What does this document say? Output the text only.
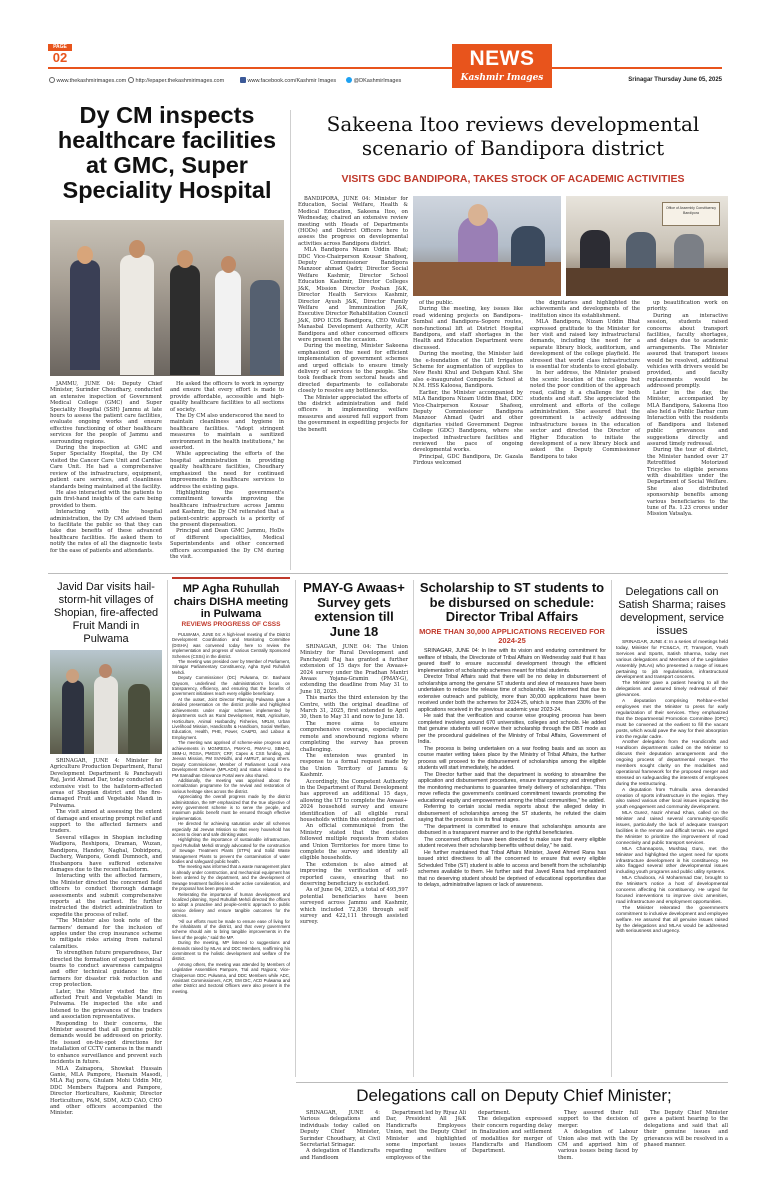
PAGE
02
www.thekashmirimages.com	http://epaper.thekashmirimages.com	www.facebook.com/Kashmir Images	@DKashmirImages
NEWS
Kashmir Images	Srinagar Thursday June 05, 2025
Dy CM inspects healthcare facilities at GMC, Super Speciality Hospital

JAMMU, JUNE 04: Deputy Chief Minister, Surinder Choudhary, conducted an extensive inspection of Government Medical College (GMC) and Super Speciality Hospital (SSH) Jammu at late hours to assess the patient care facilities, evaluate ongoing works and ensure effective functioning of other healthcare services for the people of Jammu and surrounding regions.

During the inspection at GMC and Super Speciality Hospital, the Dy CM visited the Cancer Care Unit and Cardiac Care Unit. He had a comprehensive review of the infrastructure, equipment, patient care services, and cleanliness standards being maintained at the facility.

He also interacted with the patients to gain first-hand insights of the care being provided to them.

Interacting with the hospital administration, the Dy CM advised them to facilitate the public so that they can take due benefits of these advanced healthcare facilities. He asked them to notify the rates of all the diagnostic tests for the ease of patients and attendants.

He asked the officers to work in synergy and ensure that every effort is made to provide affordable, accessible and high-quality healthcare facilities to all sections of society.

The Dy CM also underscored the need to maintain cleanliness and hygiene in healthcare facilities. "Adopt stringent measures to maintain a sanitized environment in the health institutions," he asserted.

While appreciating the efforts of the hospital administration in providing quality healthcare facilities, Choudhary emphasized the need for continued improvements in healthcare services to address the existing gaps.

Highlighting the government's commitment towards improving the healthcare infrastructure across Jammu and Kashmir, the Dy CM reiterated that a patient-centric approach is a priority of the present dispensation.

Principal and Dean GMC Jammu, HoDs of different specialities, Medical Superintendents and other concerned officers accompanied the Dy CM during the visit.

Sakeena Itoo reviews developmental scenario of Bandipora district
VISITS GDC BANDIPORA, TAKES STOCK OF ACADEMIC ACTIVITIES

BANDIPORA, JUNE 04: Minister for Education, Social Welfare, Health & Medical Education, Sakeena Itoo, on Wednesday, chaired an extensive review meeting with Heads of Departments (HODs) and District Officers here to assess the progress on developmental activities across Bandipora district.

MLA Bandipora Nizam Uddin Bhat; DDC Vice-Chairperson Kousar Shafeeq, Deputy Commissioner Bandipora Manzoor ahmad Qadri; Director Social Welfare Kashmir, Director School Education Kashmir, Director Colleges J&K, Mission Director Poshan J&K, Director Health Services Kashmir, Director Ayush J&K, Director Family Welfare and Immunization J&K, Executive Director Rehabilitation Council J&K, DPO ICDS Bandipora, CEO Wullar Manasbal Development Authority, ACR Bandipora and other concerned officers were present on the occasion.

During the meeting, Minister Sakeena emphasized on the need for efficient implementation of government schemes and urged officials to ensure timely delivery of services to the people. She took feedback from sectoral heads and directed departments to collaborate closely to resolve any bottlenecks.

The Minister appreciated the efforts of the district administration and field officers in implementing welfare measures and assured full support from the government in expediting projects for the benefit

Office of Assembly Constituency Bandipora

of the public.

During the meeting, key issues like road widening projects on Bandipora–Sumbal and Bandipora–Sopore routes, non-functional lift at District Hospital Bandipora, and staff shortages in the Health and Education Department were discussed.

During the meeting, the Minister laid the e-foundation of the Lift Irrigation Scheme for augmentation of supplies to New Reshi Khul and Dehgam Khul. She also e-inaugurated Composite School at N.M. HSS Kaloosa, Bandipora.

Earlier, the Minister accompanied by MLA Bandipora Nizam Uddin Bhat, DDC Vice-Chairperson Kousar Shafeeq, Deputy Commissioner Bandipora Manzoor Ahmad Qadri and other dignitaries visited Government Degree College (GDC) Bandipora, where she inspected infrastructure facilities and reviewed the pace of ongoing developmental works.

Principal, GDC Bandipora, Dr. Gazala Firdous welcomed

the dignitaries and highlighted the achievements and developments of the institution since its establishment.

MLA Bandipora, Nizam Uddin Bhat expressed gratitude to the Minister for her visit and raised key infrastructural demands, including the need for a separate library block, auditorium, and development of the college playfield. He stressed that world class infrastructure is essential for students to excel globally.

In her address, the Minister praised the scenic location of the college but noted the poor condition of the approach road, calling it a challenge for both students and staff. She appreciated the enrolment and efforts of the college administration. She assured that the government is actively addressing infrastructure issues in the education sector and directed the Director of Higher Education to initiate the development of a new library block and asked the Deputy Commissioner Bandipora to take

up beautification work on priority.

During an interactive session, students raised concerns about transport facilities, faculty shortages, and delays due to academic arrangements. The Minister assured that transport issues would be resolved, additional vehicles with drivers would be provided, and faculty replacements would be addressed promptly.

Later in the day, the Minister, accompanied by MLA Bandipora, Sakeena Itoo also held a Public Darbar cum Interaction with the residents of Bandipora and listened public grievances and suggestions directly and assured timely redressal.

During the tour of district, the Minister handed over 27 Retrofitted Motorized Tricycles to eligible persons with disabilities under the Department of Social Welfare. She also distributed sponsorship benefits among various beneficiaries to the tune of Rs. 1.23 crores under Mission Vatsalya.

Javid Dar visits hail-storm-hit villages of Shopian, fire-affected Fruit Mandi in Pulwama

SRINAGAR, JUNE 4: Minister for Agriculture Production Department, Rural Development Department & Panchayati Raj, Javid Ahmad Dar, today conducted an extensive visit to the hailstorm-affected areas of Shopian district and the fire-damaged Fruit and Vegetable Mandi in Pulwama.

The visit aimed at assessing the extent of damage and ensuring prompt relief and support to the affected farmers and traders.

Several villages in Shopian including Wadipora, Reshipora, Draman, Wuzan, Bandipora, Handev, Naghal, Dobidpora, Dachery, Wanpora, Gondi Dumnoch, and Husbanpora have suffered extensive damages due to the recent hailstorm.

Interacting with the affected farmers, the Minister directed the concerned field officers to conduct thorough damage assessments and submit comprehensive reports at the earliest. He further instructed the district administration to expedite the process of relief.

"The Minister also took note of the farmers' demand for the inclusion of apples under the crop insurance scheme to mitigate risks arising from natural calamities.

To strengthen future preparedness, Dar directed the formation of expert technical teams to conduct awareness campaigns and offer technical guidance to the farmers for disaster risk reduction and crop protection.

Later, the Minister visited the fire affected Fruit and Vegetable Mandi in Pulwama. He inspected the site and listened to the grievances of the traders and association representatives.

Responding to their concerns, the Minister assured that all genuine public demands would be addressed on priority. He issued on-the-spot directions for installation of CCTV cameras in the mandi to enhance surveillance and prevent such incidents in future.

MLA Zainapora, Showkat Hussain Ganie, MLA Pampore, Hasnain Masodi, MLA Raj pora, Ghulam Mohi Uddin Mir, DDC Members Rajpora and Pampore, Director Horticulture, Kashmir, Director Horticulture, P&M, SDM, ACD CAO, CHO and other officers accompanied the Minister.

MP Agha Ruhullah chairs DISHA meeting in Pulwama
REVIEWS PROGRESS OF CSSS

PULWAMA, JUNE 04: A high-level meeting of the District Development Coordination and Monitoring Committee (DISHA) was convened today here to review the implementation and progress of various Centrally Sponsored Schemes (CSSs) in the district.

The meeting was presided over by Member of Parliament, Srinagar Parliamentary Constituency, Agha Syed Ruhullah Mehdi.

Deputy Commissioner (DC) Pulwama, Dr. Basharat Qayoom, underlined the administration's focus on transparency, efficiency, and ensuring that the benefits of government initiatives reach every eligible beneficiary.

At the outset, Joint Director Planning Pulwama gave a detailed presentation on the district profile and highlighted achievements under major schemes implemented by departments such as Rural Development, R&B, Agriculture, Horticulture, Animal Husbandry, Fisheries, NRLM, Urban Livelihood Mission, Handicrafts & Handloom, Social Welfare, Education, Health, PHE, Power, CA&PD, and Labour & Employment.

The meeting was apprised of scheme-wise progress and achievements in MGNREGA, PMAY-G, PMAY-U, SBM-G, SBM-U, RGSA, PMGSY, CRF, Capex & CSS funding, Jal Jeevan Mission, PM SVANidhi, and AMRUT, among others. Deputy Commissioner, Member of Parliament Local Area Development Scheme (MPLADS) and status related to the PM Samadhan Grievance Portal were also shared.

Additionally, the meeting was apprised about the normalization programme for the revival and restoration of various heritage sites across the district.

Appreciating the overall progress made by the district administration, the MP emphasized that the true objective of every government scheme is to serve the people, and maximum public benefit must be ensured through effective implementation.

He directed for achieving saturation under all schemes especially Jal Jeevan Mission so that every household has access to clean and safe drinking water.

Highlighting the importance of sustainable infrastructure, Syed Ruhullah Mehdi strongly advocated for the construction of Sewage Treatment Plants (STPs) and Solid Waste Management Plants to prevent the contamination of water bodies and safeguard public health.

The meeting was informed that a waste management plant is already under construction, and mechanical equipment has been ordered by the department, and the development of Sewage treatment facilities is under active consideration, and the proposal has been prepared.

Reiterating the importance of human development and localized planning, Syed Ruhullah Mehdi directed the officers to adopt a proactive and people-centric approach to public service delivery and ensure tangible outcomes for the citizens.

"All our efforts must be made to ensure ease of living for the inhabitants of the district, and that every government scheme should aim to bring tangible improvements in the lives of the people," said the MP.

During the meeting, MP listened to suggestions and demands raised by MLAs and DDC Members, reaffirming his commitment to the holistic development and welfare of the district.

Among others, the meeting was attended by Members of Legislative Assemblies Pampore, Tral and Rajpora; Vice-Chairperson DDC Pulwama, and DDC Members while ADC, Assistant Commissioners, ACR, GM DIC, ACD Pulwama and other District and Sectoral Officers were also present in the meeting.

PMAY-G Awaas+ Survey gets extension till June 18

SRINAGAR, JUNE 04: The Union Ministry for Rural Development and Panchayati Raj has granted a further extension of 15 days for the Awaas+ 2024 survey under the Pradhan Mantri Awaas Yojana-Gramin (PMAY-G), extending the deadline from May 31 to June 18, 2025.

This marks the third extension by the Centre, with the original deadline of March 31, 2025, first extended to April 30, then to May 31 and now to June 18.

The move aims to ensure comprehensive coverage, especially in remote and snowbound regions where completing the survey has proven challenging.

The extension was granted in response to a formal request made by the Union Territory of Jammu & Kashmir.

Accordingly, the Competent Authority in the Department of Rural Development has approved an additional 15 days, allowing the UT to complete the Awaas+ 2024 household survey and ensure identification of all eligible rural households within this extended period.

An official communiqué from the Ministry stated that the decision followed multiple requests from states and Union Territories for more time to complete the survey and identify all eligible households.

The extension is also aimed at improving the verification of self-reported cases, ensuring that no deserving beneficiary is excluded.

As of June 04, 2025, a total of 495,597 potential beneficiaries have been surveyed across Jammu and Kashmir, which included 72,836 through self survey and 422,111 through assisted survey.

Scholarship to ST students to be disbursed on schedule: Director Tribal Affairs
MORE THAN 30,000 APPLICATIONS RECEIVED FOR 2024-25

SRINAGAR, JUNE 04: In line with its vision and enduring commitment for welfare of tribals, the Directorate of Tribal Affairs on Wednesday said that it has geared itself to ensure successful development through the efficient implementation of scholarship schemes meant for tribal students.

Director Tribal Affairs said that there will be no delay in disbursement of scholarships among the genuine ST students and slew of measures have been undertaken to reduce the release time of scholarship. He informed that due to extensive outreach and publicity, more than 30,000 applications have been received under both the schemes for 2024-25, which is more than 230% of the applications received in the previous academic year 2023-24.

He said that the verification and course wise grouping process has been completed involving around 670 universities, colleges and schools. He added that genuine students will receive their scholarship through the DBT mode as per the procedural guidelines of the Ministry of Tribal Affairs, Government of India.

The process is being undertaken on a war footing basis and as soon as course master vetting takes place by the Ministry of Tribal Affairs, the further process will proceed to the disbursement of scholarships among the eligible students will start immediately, he added.

The Director further said that the department is working to streamline the application and disbursement procedures, ensure transparency and strengthen the monitoring mechanisms to guarantee timely delivery of scholarships. "This move reflects the government's continued commitment towards promoting the educational equity and empowerment among the tribal communities," he added.

Referring to certain social media reports about the alleged delay in disbursement of scholarships among the ST students, he refuted the claim saying that the process is in its final stages.

"The department is committed to ensure that scholarships amounts are disbursed in a transparent manner and to the rightful beneficiaries.

The concerned officers have been directed to make sure that every eligible student receives their scholarship benefits without delay," he said.

He further maintained that Tribal Affairs Minister, Javed Ahmed Rana has issued strict directives to all the concerned to ensure that every eligible Scheduled Tribe (ST) student is able to access and benefit from the scholarship schemes available to them. He further said that Javed Rana had emphasized that no deserving student should be deprived of educational opportunities due to delays, administrative lapses or lack of awareness.

Delegations call on Satish Sharma; raises development, service issues

SRINAGAR, JUNE 4: In a series of meetings held today, Minister for FCS&CA, IT, Transport, Youth Services and Sports, Satish Sharma, today met various delegations and Members of the Legislative Assembly (MLAs) who presented a range of issues pertaining to job regularisation, infrastructural development and transport concerns.

The Minister gave a patient hearing to all the delegations and assured timely redressal of their grievances.

A deputation comprising Rehbar-e-Khel employees met the Minister to press for early regularization of their services. They emphasized that the Departmental Promotion Committee (DPC) must be convened at the earliest to fill the vacant posts, which would pave the way for their absorption into the regular cadre.

Another delegation from the Handicrafts and Handloom departments called on the Minister to discuss their deputation arrangements and the ongoing process of departmental merger. The members sought clarity on the modalities and operational framework for the proposed merger and stressed on safeguarding the interests of employees during the restructuring.

A deputation from Tulmulla area demanded creation of sports infrastructure in the region. They also raised various other local issues impacting the youth engagement and community development.

MLA Gurez, Nazir Ahmad Khan, called on the Minister and raised several community-specific issues, particularly the lack of adequate transport facilities in the remote and difficult terrain. He urged the Minister to prioritize the improvement of road connectivity and public transport services.

MLA Channapora, Mushtaq Guru, met the Minister and highlighted the urgent need for sports infrastructure development in his constituency. He also flagged several other developmental issues including youth programs and public utility systems.

MLA Chadoora, Ali Mohammad Dar, brought to the Minister's notice a host of developmental concerns affecting his constituency. He urged for focused interventions to improve civic amenities, road infrastructure and employment opportunities.

The Minister reiterated the government's commitment to inclusive development and employee welfare. He assured that all genuine issues raised by the delegations and MLAs would be addressed with seriousness and urgency.

Delegations call on Deputy Chief Minister;

SRINAGAR, JUNE 4: Various delegations and individuals today called on Deputy Chief Minister, Surinder Choudhary, at Civil Secretariat Srinagar.

A delegation of Handicrafts and Handloom

Department led by Riyaz Ali Dar, President All J&K Handicrafts Employees Union, met the Deputy Chief Minister and highlighted some important issues regarding welfare of employees of the

department.

The delegation expressed their concern regarding delay in finalization and settlement of modalities for merger of Handicrafts and Handloom Department.

They assured their full support to the decision of merger.

A delegation of Labour Union also met with the Dy CM and apprised him of various issues being faced by them.

The Deputy Chief Minister gave a patient hearing to the delegations and said that all their genuine issues and grievances will be resolved in a phased manner.
